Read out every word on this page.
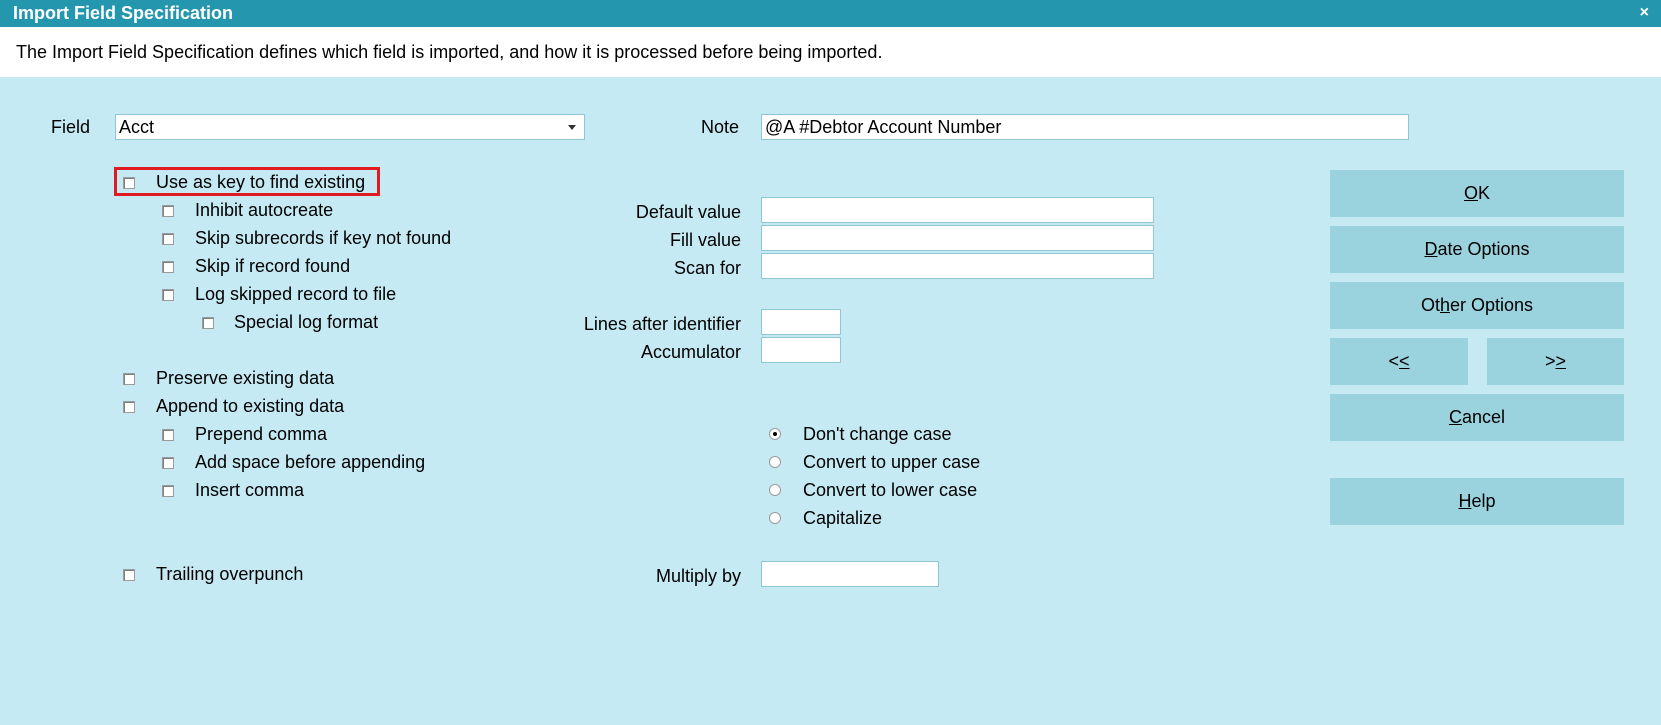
Import Field Specification	×
The Import Field Specification defines which field is imported, and how it is processed before being imported.
Field Acct	Note @A #Debtor Account Number
Use as key to find existing
Inhibit autocreate
Skip subrecords if key not found
Skip if record found
Log skipped record to file
Special log format
Preserve existing data
Append to existing data
Prepend comma
Add space before appending
Insert comma
Trailing overpunch
Default value
Fill value
Scan for
Lines after identifier
Accumulator
Multiply by
Don't change case
Convert to upper case
Convert to lower case
Capitalize
OK
Date Options
Other Options
<<	>>
Cancel
Help
